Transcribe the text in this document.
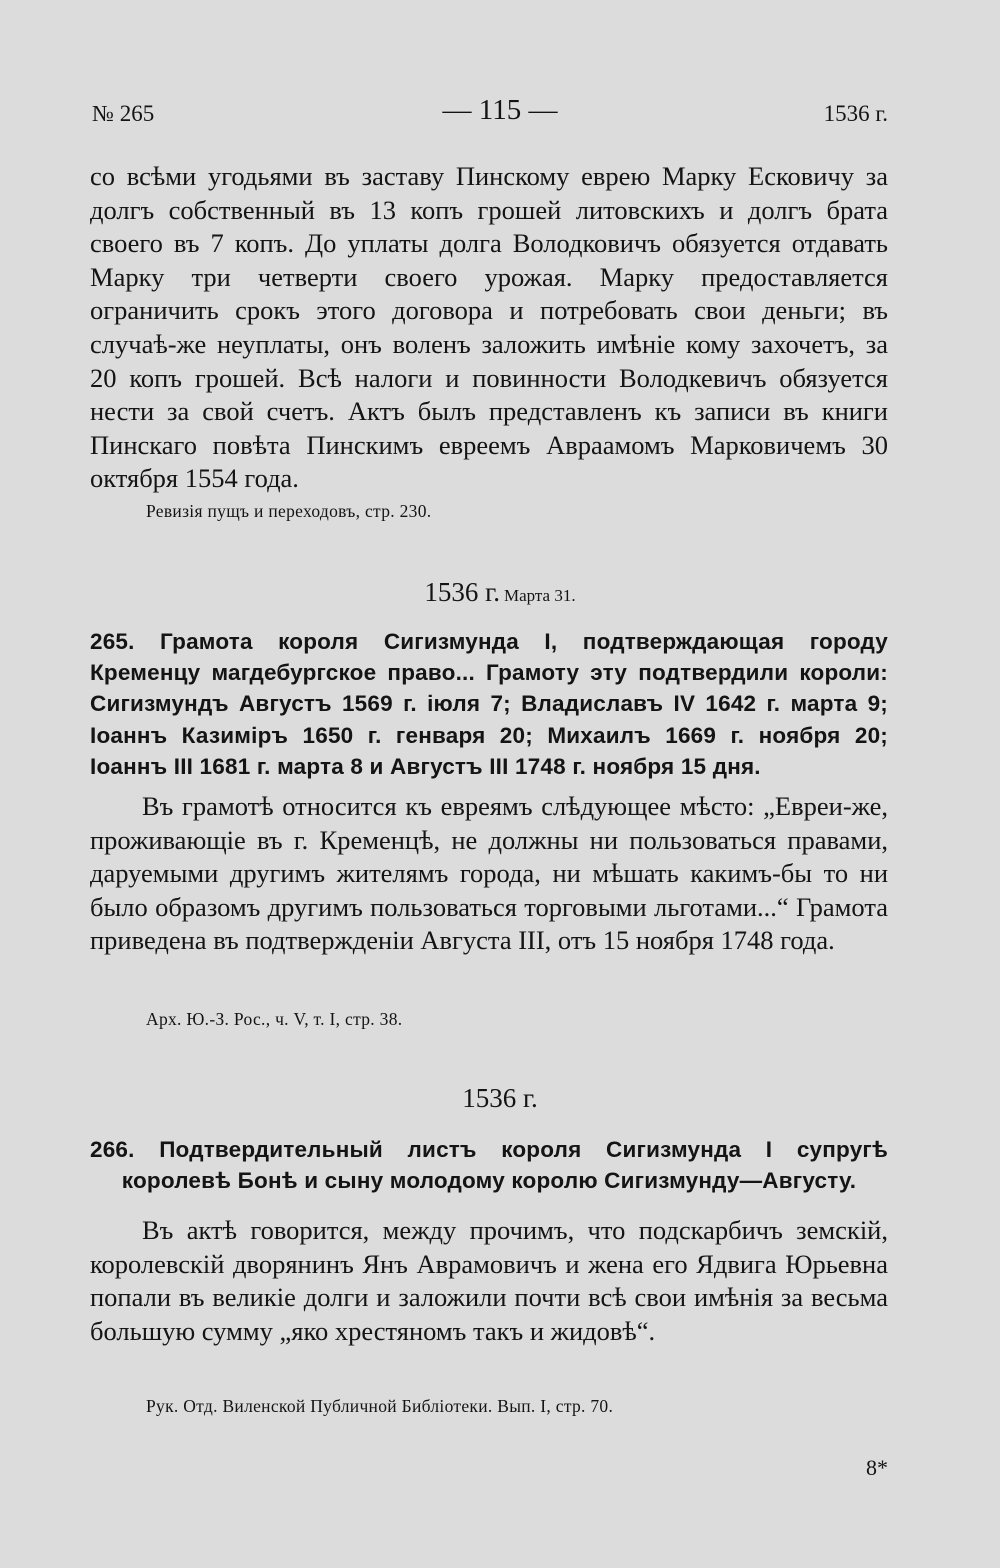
№ 265	— 115 —	1536 г.

со всѣми угодьями въ заставу Пинскому еврею Марку Есковичу за долгъ собственный въ 13 копъ грошей литовскихъ и долгъ брата своего въ 7 копъ. До уплаты долга Володковичъ обязуется отдавать Марку три четверти своего урожая. Марку предоставляется ограничить срокъ этого договора и потребовать свои деньги; въ случаѣ-же неуплаты, онъ воленъ заложить имѣніе кому захочетъ, за 20 копъ грошей. Всѣ налоги и повинности Володкевичъ обязуется нести за свой счетъ. Актъ былъ представленъ къ записи въ книги Пинскаго повѣта Пинскимъ евреемъ Авраамомъ Марковичемъ 30 октября 1554 года.

Ревизія пущъ и переходовъ, стр. 230.
1536 г. Марта 31.

265. Грамота короля Сигизмунда I, подтверждающая городу Кременцу магдебургское право... Грамоту эту подтвердили короли: Сигизмундъ Августъ 1569 г. іюля 7; Владиславъ IV 1642 г. марта 9; Іоаннъ Казиміръ 1650 г. генваря 20; Михаилъ 1669 г. ноября 20; Іоаннъ III 1681 г. марта 8 и Августъ III 1748 г. ноября 15 дня.

Въ грамотѣ относится къ евреямъ слѣдующее мѣсто: „Евреи-же, проживающіе въ г. Кременцѣ, не должны ни пользоваться правами, даруемыми другимъ жителямъ города, ни мѣшать какимъ-бы то ни было образомъ другимъ пользоваться торговыми льготами...“ Грамота приведена въ подтвержденіи Августа III, отъ 15 ноября 1748 года.

Арх. Ю.-З. Рос., ч. V, т. I, стр. 38.
1536 г.

266. Подтвердительный листъ короля Сигизмунда I супругѣ королевѣ Бонѣ и сыну молодому королю Сигизмунду—Августу.

Въ актѣ говорится, между прочимъ, что подскарбичъ земскій, королевскій дворянинъ Янъ Аврамовичъ и жена его Ядвига Юрьевна попали въ великіе долги и заложили почти всѣ свои имѣнія за весьма большую сумму „яко хрестяномъ такъ и жидовѣ“.

Рук. Отд. Виленской Публичной Библіотеки. Вып. I, стр. 70.
8*
